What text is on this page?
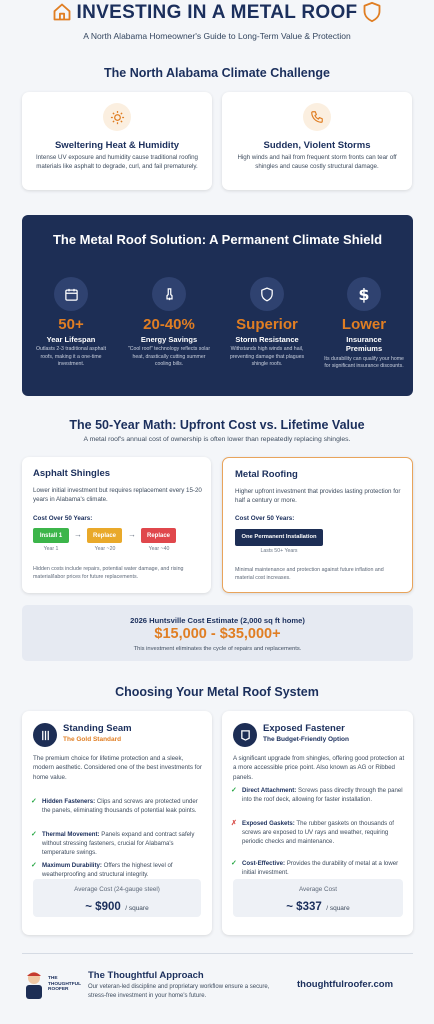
INVESTING IN A METAL ROOF
A North Alabama Homeowner's Guide to Long-Term Value & Protection
The North Alabama Climate Challenge
Sweltering Heat & Humidity
Intense UV exposure and humidity cause traditional roofing materials like asphalt to degrade, curl, and fail prematurely.
Sudden, Violent Storms
High winds and hail from frequent storm fronts can tear off shingles and cause costly structural damage.
The Metal Roof Solution: A Permanent Climate Shield
50+
Year Lifespan
Outlasts 2-3 traditional asphalt roofs, making it a one-time investment.
20-40%
Energy Savings
"Cool roof" technology reflects solar heat, drastically cutting summer cooling bills.
Superior
Storm Resistance
Withstands high winds and hail, preventing damage that plagues shingle roofs.
$
Lower
Insurance Premiums
Its durability can qualify your home for significant insurance discounts.
The 50-Year Math: Upfront Cost vs. Lifetime Value
A metal roof's annual cost of ownership is often lower than repeatedly replacing shingles.
Asphalt Shingles
Lower initial investment but requires replacement every 15-20 years in Alabama's climate.
Cost Over 50 Years:
Install 1
Year 1
→	Replace
Year ~20
→	Replace
Year ~40
Hidden costs include repairs, potential water damage, and rising material/labor prices for future replacements.
Metal Roofing
Higher upfront investment that provides lasting protection for half a century or more.
Cost Over 50 Years:
One Permanent Installation
Lasts 50+ Years
Minimal maintenance and protection against future inflation and material cost increases.
2026 Huntsville Cost Estimate (2,000 sq ft home)
$15,000 - $35,000+
This investment eliminates the cycle of repairs and replacements.
Choosing Your Metal Roof System
Standing Seam
The Gold Standard
The premium choice for lifetime protection and a sleek, modern aesthetic. Considered one of the best investments for home value.
✓ Hidden Fasteners: Clips and screws are protected under the panels, eliminating thousands of potential leak points.
✓ Thermal Movement: Panels expand and contract safely without stressing fasteners, crucial for Alabama's temperature swings.
✓ Maximum Durability: Offers the highest level of weatherproofing and structural integrity.
Average Cost (24-gauge steel)
~ $900 / square
Exposed Fastener
The Budget-Friendly Option
A significant upgrade from shingles, offering good protection at a more accessible price point. Also known as AG or Ribbed panels.
✓ Direct Attachment: Screws pass directly through the panel into the roof deck, allowing for faster installation.
✗ Exposed Gaskets: The rubber gaskets on thousands of screws are exposed to UV rays and weather, requiring periodic checks and maintenance.
✓ Cost-Effective: Provides the durability of metal at a lower initial investment.
Average Cost
~ $337 / square
THE THOUGHTFUL ROOFER
The Thoughtful Approach
Our veteran-led discipline and proprietary workflow ensure a secure, stress-free investment in your home's future.
thoughtfulroofer.com
